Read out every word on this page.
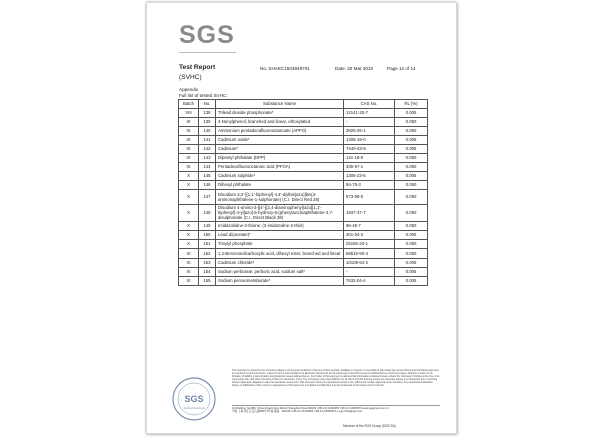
SGS
Test Report
(SVHC)
No. SHAEC1503948701	Date: 20 Mar 2015	Page 12 of 14
Appendix
Full list of tested SVHC:
Batch	No.	Substance Name	CAS No.	RL (%)
VIII	138	Trilead dioxide phosphonate*	12141-20-7	0.005
IX	139	4-Nonylphenol, branched and linear, ethoxylated	-	0.050
IX	140	Ammonium pentadecafluorooctanoate (APFO)	3825-26-1	0.050
IX	141	Cadmium oxide*	1306-19-0	0.005
IX	142	Cadmium*	7440-43-9	0.005
IX	143	Dipentyl phthalate (DPP)	131-18-0	0.050
IX	144	Pentadecafluorooctanoic acid (PFOA)	335-67-1	0.050
X	145	Cadmium sulphide*	1306-23-6	0.005
X	146	Dihexyl phthalate	84-75-3	0.050
X	147	Disodium 3,3'-[[1,1'-biphenyl]-4,4'-diylbis(azo)]bis(4-aminonaphthalene-1-sulphonate) (C.I. Direct Red 28)	573-58-0	0.050
X	148	Disodium 4-amino-3-[[4'-[(2,4-diaminophenyl)azo][1,1'-biphenyl]-4-yl]azo]-5-hydroxy-6-(phenylazo)naphthalene-2,7-disulphonate (C.I. Direct Black 38)	1937-37-7	0.050
X	149	Imidazolidine-2-thione; (2-imidazoline-2-thiol)	96-45-7	0.050
X	150	Lead di(acetate)*	301-04-2	0.005
X	151	Trixylyl phosphate	25155-23-1	0.050
XI	152	1,2-Benzenedicarboxylic acid, dihexyl ester, branched and linear	68515-50-4	0.050
XI	153	Cadmium chloride*	10108-64-2	0.005
XI	154	Sodium perborate; perboric acid, sodium salt*	-	0.005
XI	155	Sodium peroxometaborate*	7632-04-4	0.005
SGS
Testing Services
This document is issued by the Company subject to its General Conditions of Service printed overleaf, available on request or accessible at http://www.sgs.com/en/Terms-and-Conditions.aspx and, for electronic format documents, subject to Terms and Conditions for Electronic Documents at http://www.sgs.com/en/Terms-and-Conditions/Terms-e-Document.aspx. Attention is drawn to the limitation of liability, indemnification and jurisdiction issues defined therein. Any holder of this document is advised that information contained hereon reflects the Company's findings at the time of its intervention only and within the limits of Client's instructions, if any. The Company's sole responsibility is to its Client and this document does not exonerate parties to a transaction from exercising all their rights and obligations under the transaction documents. This document cannot be reproduced except in full, without prior written approval of the Company. Any unauthorized alteration, forgery or falsification of the content or appearance of this document is unlawful and offenders may be prosecuted to the fullest extent of the law.
3rd Building, No.889, Yishan Road Xuhui District Shanghai China 200233 t (86-21) 61402666 f (86-21) 64953679 www.sgsgroup.com.cn
中国·上海·徐汇区宜山路889号3号楼 邮编：200233 t (86-21) 61402666 f (86-21) 64953679 e sgs.china@sgs.com
Member of the SGS Group (SGS SA)
